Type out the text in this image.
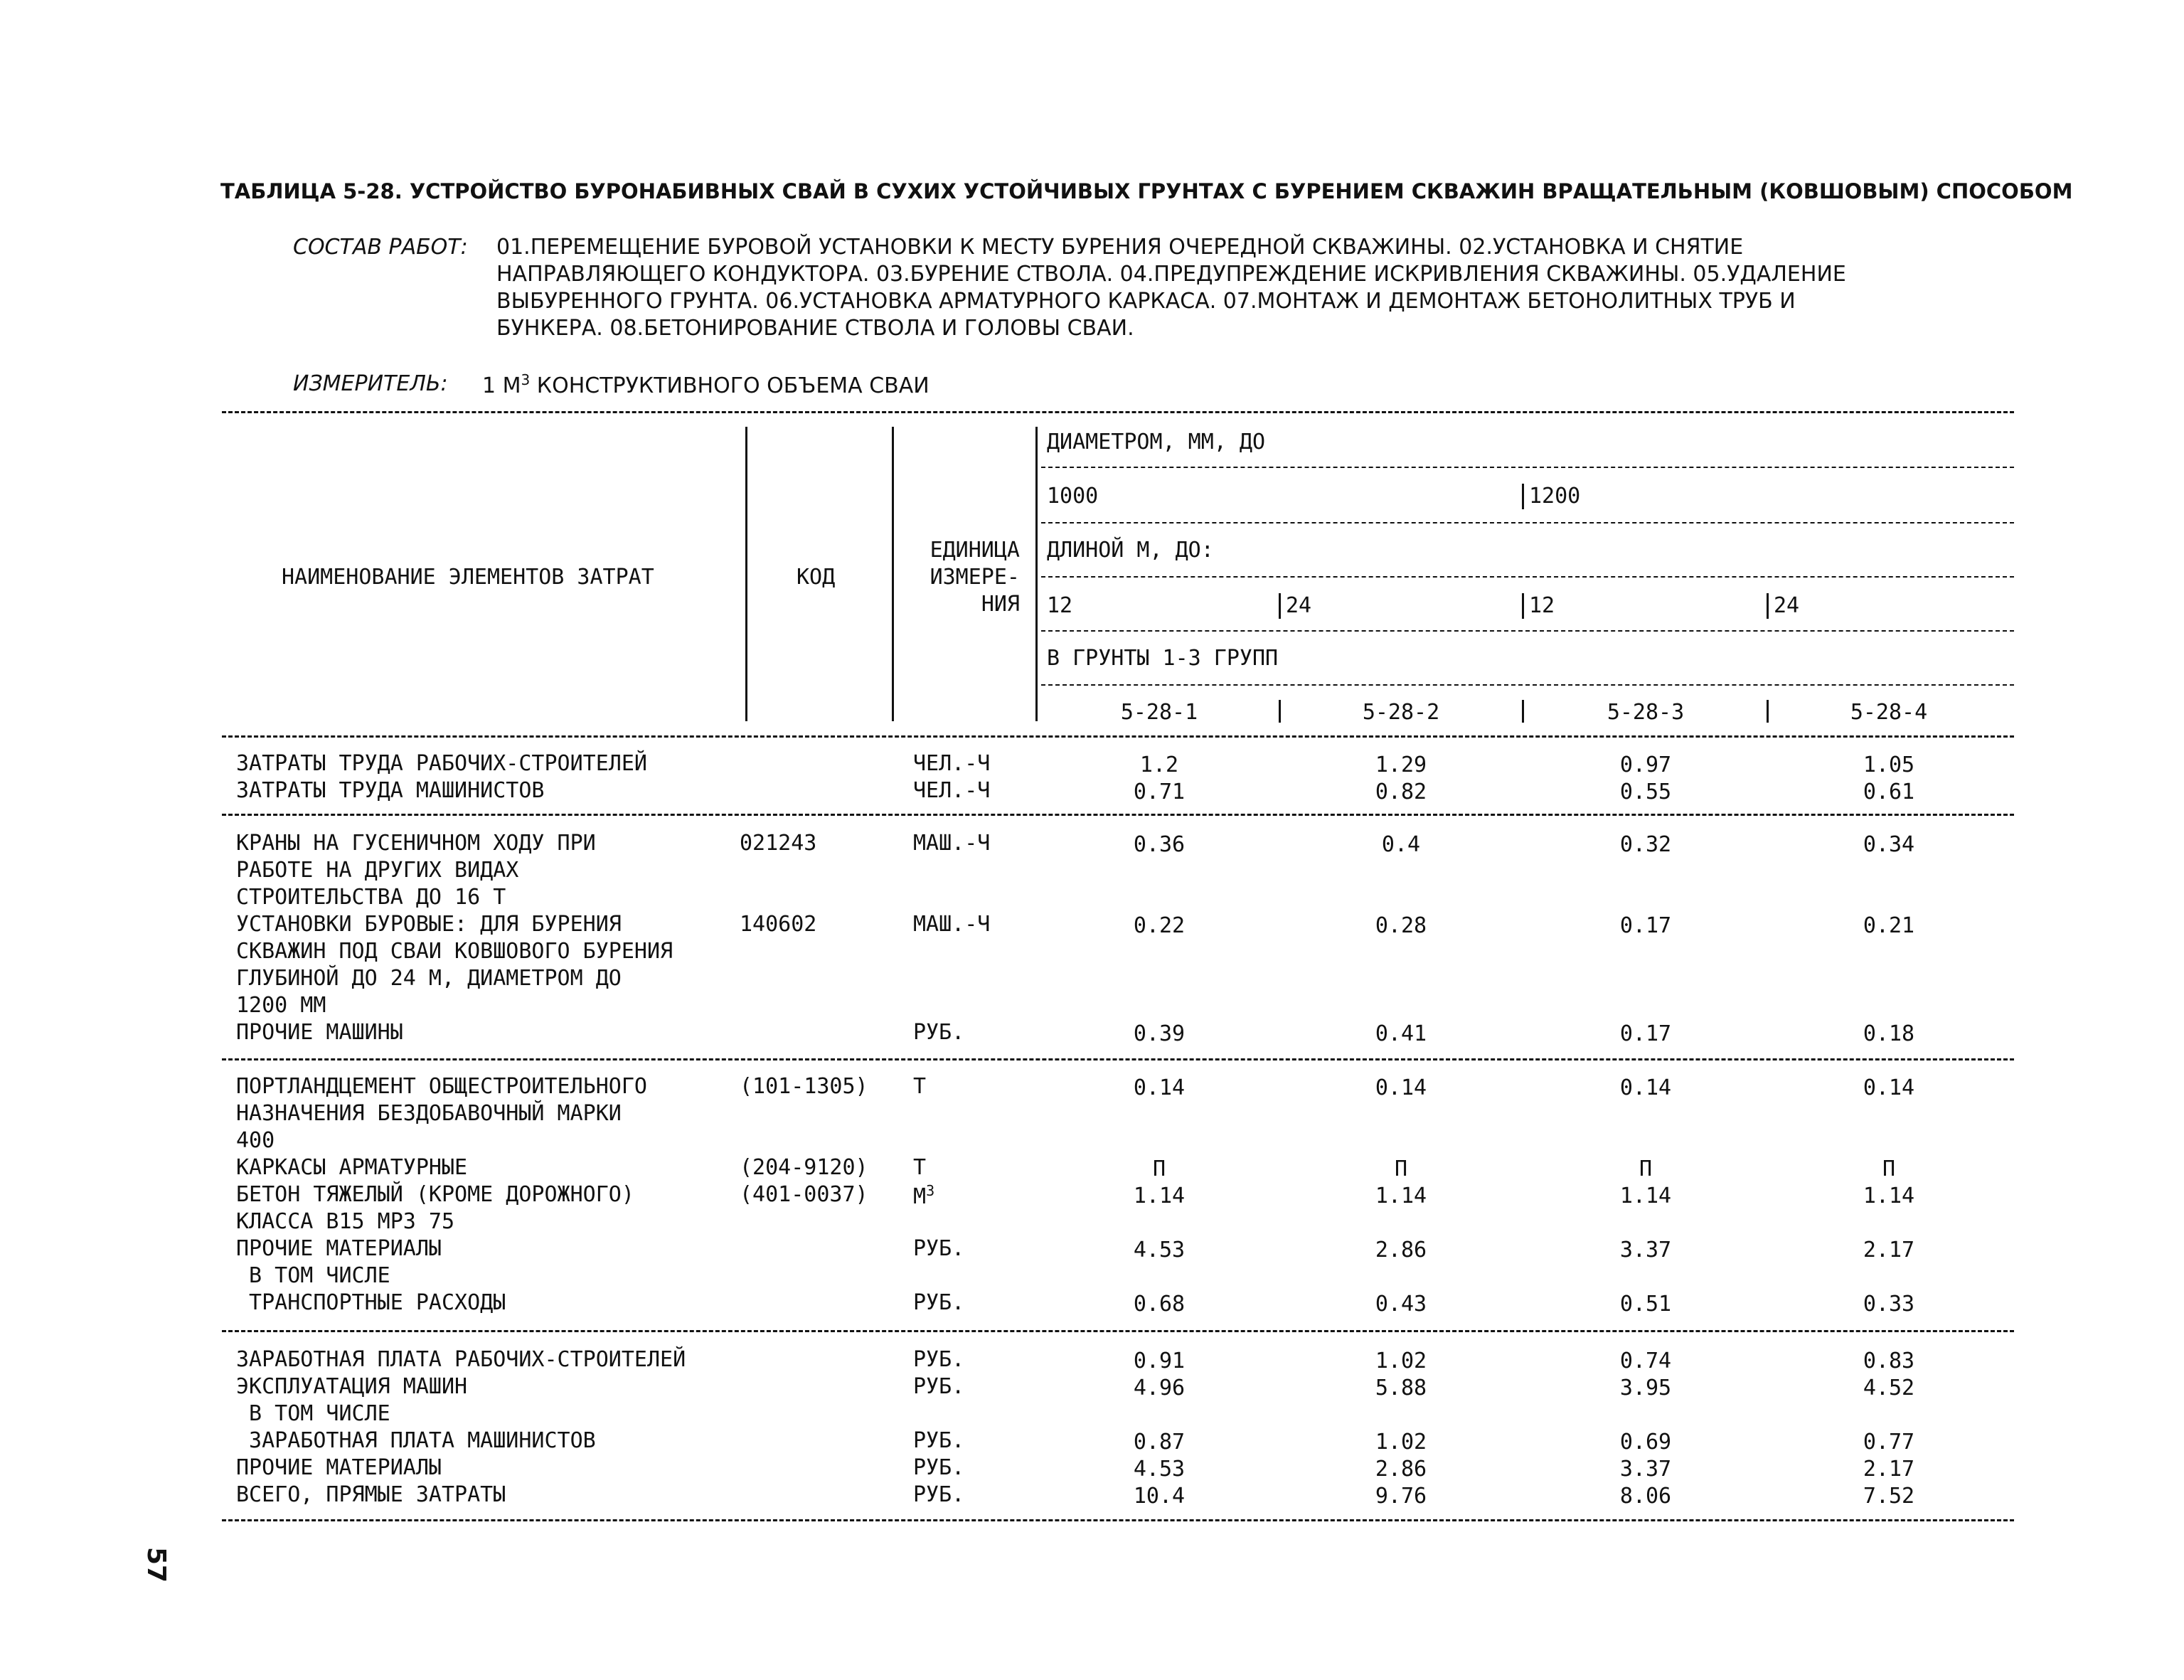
ТАБЛИЦА 5-28. УСТРОЙСТВО БУРОНАБИВНЫХ СВАЙ В СУХИХ УСТОЙЧИВЫХ ГРУНТАХ С БУРЕНИЕМ СКВАЖИН ВРАЩАТЕЛЬНЫМ (КОВШОВЫМ) СПОСОБОМ
СОСТАВ РАБОТ: 01.ПЕРЕМЕЩЕНИЕ БУРОВОЙ УСТАНОВКИ К МЕСТУ БУРЕНИЯ ОЧЕРЕДНОЙ СКВАЖИНЫ. 02.УСТАНОВКА И СНЯТИЕ
НАПРАВЛЯЮЩЕГО КОНДУКТОРА. 03.БУРЕНИЕ СТВОЛА. 04.ПРЕДУПРЕЖДЕНИЕ ИСКРИВЛЕНИЯ СКВАЖИНЫ. 05.УДАЛЕНИЕ
ВЫБУРЕННОГО ГРУНТА. 06.УСТАНОВКА АРМАТУРНОГО КАРКАСА. 07.МОНТАЖ И ДЕМОНТАЖ БЕТОНОЛИТНЫХ ТРУБ И
БУНКЕРА. 08.БЕТОНИРОВАНИЕ СТВОЛА И ГОЛОВЫ СВАИ.
ИЗМЕРИТЕЛЬ: 1 $М^3$ КОНСТРУКТИВНОГО ОБЪЕМА СВАИ
НАИМЕНОВАНИЕ ЭЛЕМЕНТОВ ЗАТРАТ	КОД
ЕДИНИЦА
ИЗМЕРЕ-
НИЯ
ДИАМЕТРОМ, ММ, ДО
1000	1200
ДЛИНОЙ М, ДО:
12	24	12	24
В ГРУНТЫ 1-3 ГРУПП
5-28-1	5-28-2	5-28-3	5-28-4
ЗАТРАТЫ ТРУДА РАБОЧИХ-СТРОИТЕЛЕЙ	ЧЕЛ.-Ч	1.2	1.29	0.97	1.05
ЗАТРАТЫ ТРУДА МАШИНИСТОВ	ЧЕЛ.-Ч	0.71	0.82	0.55	0.61
КРАНЫ НА ГУСЕНИЧНОМ ХОДУ ПРИ
РАБОТЕ НА ДРУГИХ ВИДАХ
СТРОИТЕЛЬСТВА ДО 16 Т
021243	МАШ.-Ч	0.36	0.4	0.32	0.34
УСТАНОВКИ БУРОВЫЕ: ДЛЯ БУРЕНИЯ
СКВАЖИН ПОД СВАИ КОВШОВОГО БУРЕНИЯ
ГЛУБИНОЙ ДО 24 М, ДИАМЕТРОМ ДО
1200 ММ
140602	МАШ.-Ч	0.22	0.28	0.17	0.21
ПРОЧИЕ МАШИНЫ	РУБ.	0.39	0.41	0.17	0.18
ПОРТЛАНДЦЕМЕНТ ОБЩЕСТРОИТЕЛЬНОГО
НАЗНАЧЕНИЯ БЕЗДОБАВОЧНЫЙ МАРКИ
400
(101-1305) Т	0.14	0.14	0.14	0.14
КАРКАСЫ АРМАТУРНЫЕ	(204-9120) Т	П	П	П	П
БЕТОН ТЯЖЕЛЫЙ (КРОМЕ ДОРОЖНОГО)
КЛАССА В15 МРЗ 75
(401-0037) $М^3$	1.14	1.14	1.14	1.14
ПРОЧИЕ МАТЕРИАЛЫ	РУБ.	4.53	2.86	3.37	2.17
В ТОМ ЧИСЛЕ
ТРАНСПОРТНЫЕ РАСХОДЫ	РУБ.	0.68	0.43	0.51	0.33
ЗАРАБОТНАЯ ПЛАТА РАБОЧИХ-СТРОИТЕЛЕЙ	РУБ.	0.91	1.02	0.74	0.83
ЭКСПЛУАТАЦИЯ МАШИН	РУБ.	4.96	5.88	3.95	4.52
В ТОМ ЧИСЛЕ
ЗАРАБОТНАЯ ПЛАТА МАШИНИСТОВ	РУБ.	0.87	1.02	0.69	0.77
ПРОЧИЕ МАТЕРИАЛЫ	РУБ.	4.53	2.86	3.37	2.17
ВСЕГО, ПРЯМЫЕ ЗАТРАТЫ	РУБ.	10.4	9.76	8.06	7.52
57
